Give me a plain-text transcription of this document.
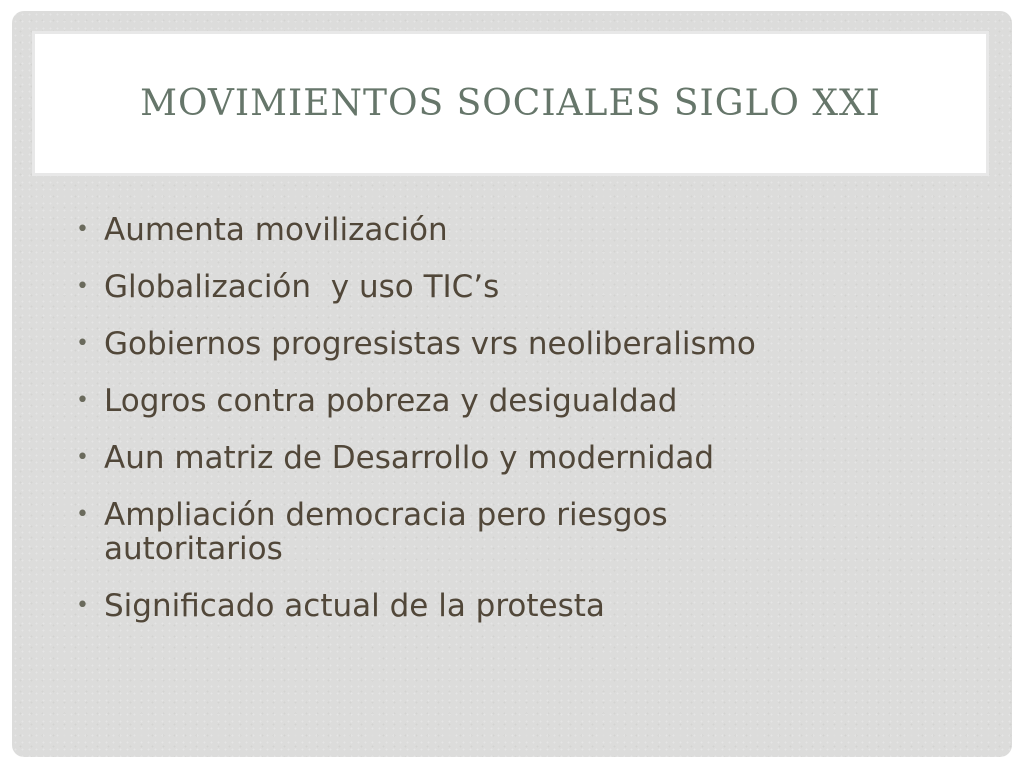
MOVIMIENTOS SOCIALES SIGLO XXI
• Aumenta movilización
• Globalización  y uso TIC’s
• Gobiernos progresistas vrs neoliberalismo
• Logros contra pobreza y desigualdad
• Aun matriz de Desarrollo y modernidad
• Ampliación democracia pero riesgos autoritarios
• Significado actual de la protesta
